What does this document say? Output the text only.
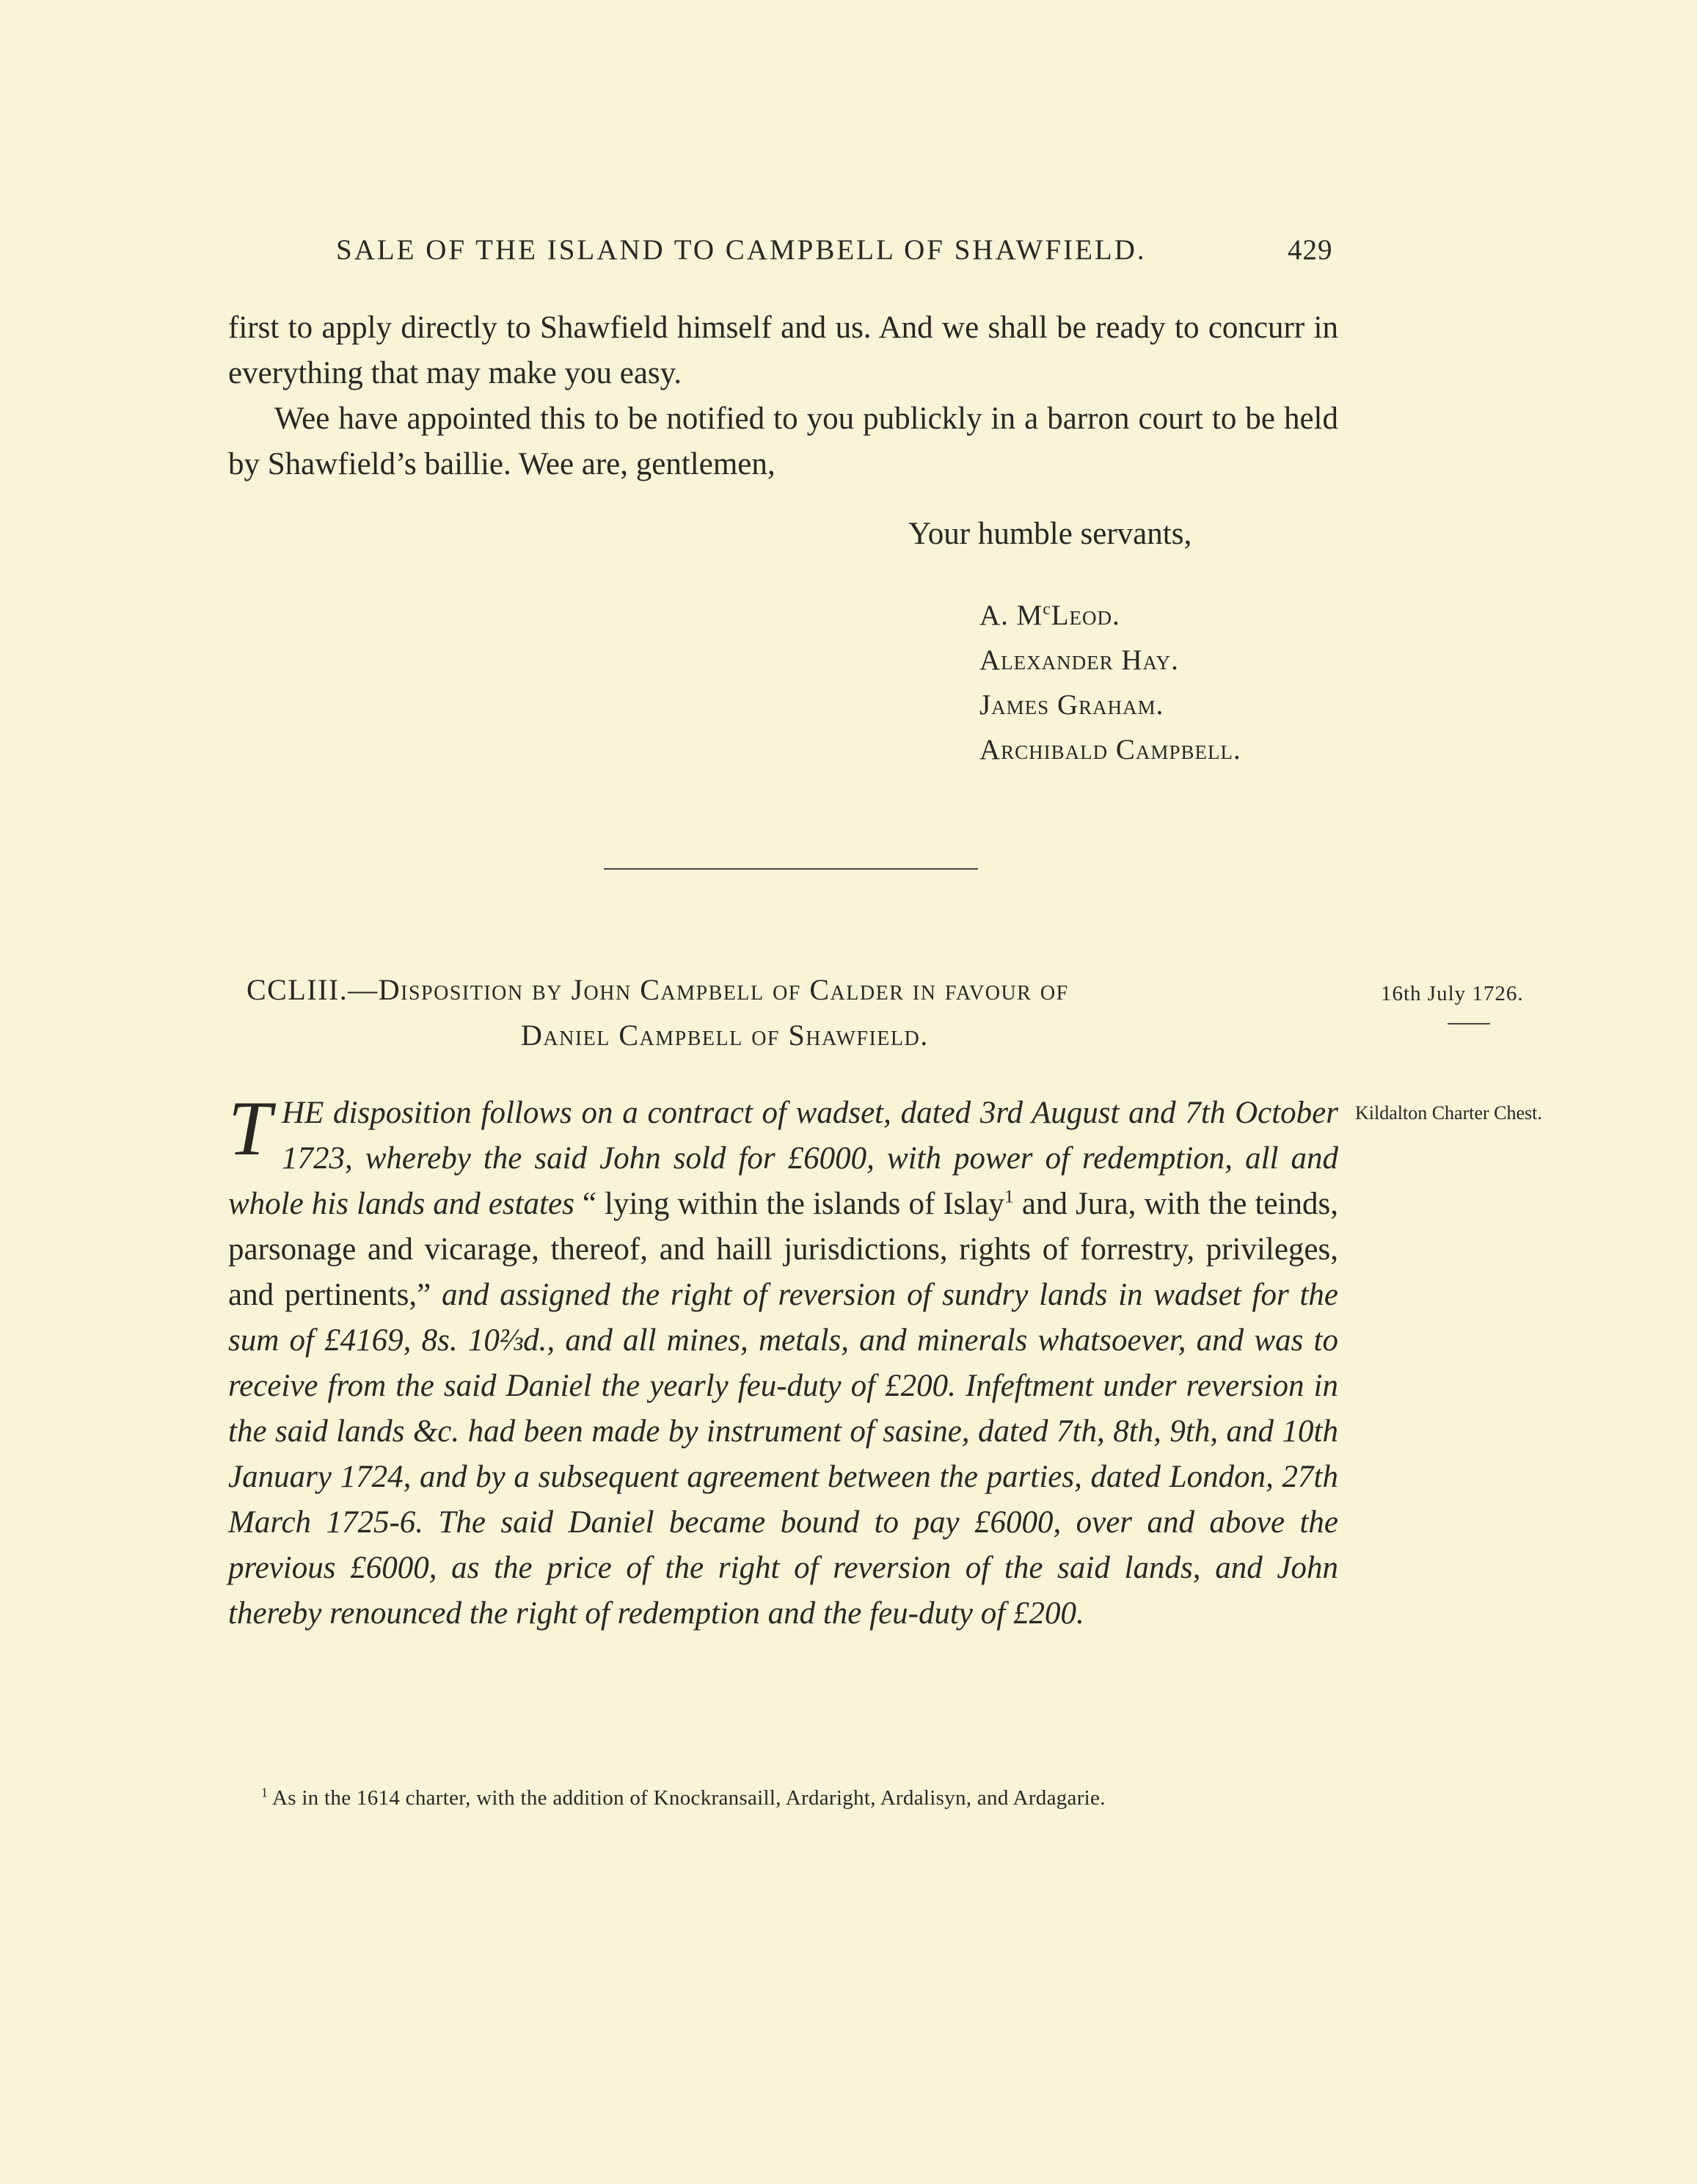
SALE OF THE ISLAND TO CAMPBELL OF SHAWFIELD.	429

first to apply directly to Shawfield himself and us. And we shall be ready to concurr in everything that may make you easy.

Wee have appointed this to be notified to you publickly in a barron court to be held by Shawfield’s baillie. Wee are, gentlemen,

Your humble servants,
A. $M^cLeod$.
Alexander Hay.
James Graham.
Archibald Campbell.
CCLIII.—Disposition by John Campbell of Calder in favour of
Daniel Campbell of Shawfield.
16th July 1726.
Kildalton Charter Chest.

THE disposition follows on a contract of wadset, dated 3rd August and 7th October 1723, whereby the said John sold for £6000, with power of redemption, all and whole his lands and estates “ lying within the islands of Islay$^1$ and Jura, with the teinds, parsonage and vicarage, thereof, and haill jurisdictions, rights of forrestry, privileges, and pertinents,” and assigned the right of reversion of sundry lands in wadset for the sum of £4169, 8s. 10⅔d., and all mines, metals, and minerals whatsoever, and was to receive from the said Daniel the yearly feu-duty of £200. Infeftment under reversion in the said lands &c. had been made by instrument of sasine, dated 7th, 8th, 9th, and 10th January 1724, and by a subsequent agreement between the parties, dated London, 27th March 1725-6. The said Daniel became bound to pay £6000, over and above the previous £6000, as the price of the right of reversion of the said lands, and John thereby renounced the right of redemption and the feu-duty of £200.

$^1$ As in the 1614 charter, with the addition of Knockransaill, Ardaright, Ardalisyn, and Ardagarie.
